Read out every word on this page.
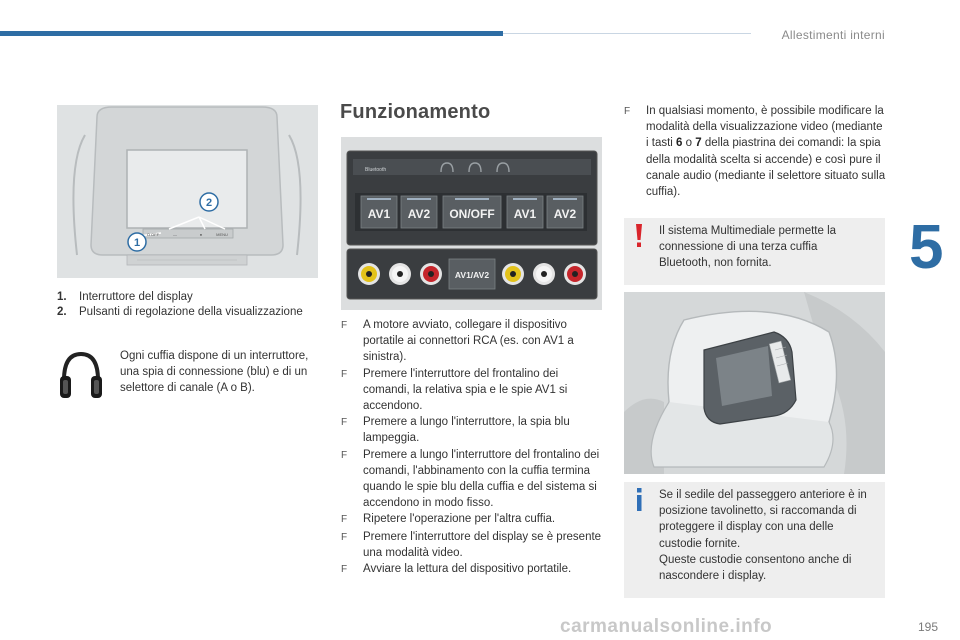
Allestimenti interni
5
1
2
Ω OFF	—	●	MENU
1.	Interruttore del display
2.	Pulsanti di regolazione della visualizzazione
Ogni cuffia dispone di un interruttore, una spia di connessione (blu) e di un selettore di canale (A o B).
Funzionamento
Bluetooth
AV1 AV2 ON/OFF AV1 AV2
AV1/AV2
F	A motore avviato, collegare il dispositivo portatile ai connettori RCA (es. con AV1 a sinistra).
F	Premere l'interruttore del frontalino dei comandi, la relativa spia e le spie AV1 si accendono.
F	Premere a lungo l'interruttore, la spia blu lampeggia.
F	Premere a lungo l'interruttore del frontalino dei comandi, l'abbinamento con la cuffia termina quando le spie blu della cuffia e del sistema si accendono in modo fisso.
F	Ripetere l'operazione per l'altra cuffia.
F	Premere l'interruttore del display se è presente una modalità video.
F	Avviare la lettura del dispositivo portatile.
F	In qualsiasi momento, è possibile modificare la modalità della visualizzazione video (mediante i tasti 6 o 7 della piastrina dei comandi: la spia della modalità scelta si accende) e così pure il canale audio (mediante il selettore situato sulla cuffia).
Il sistema Multimediale permette la connessione di una terza cuffia Bluetooth, non fornita.
Se il sedile del passeggero anteriore è in posizione tavolinetto, si raccomanda di proteggere il display con una delle custodie fornite.
Queste custodie consentono anche di nascondere i display.
carmanualsonline.info	195
